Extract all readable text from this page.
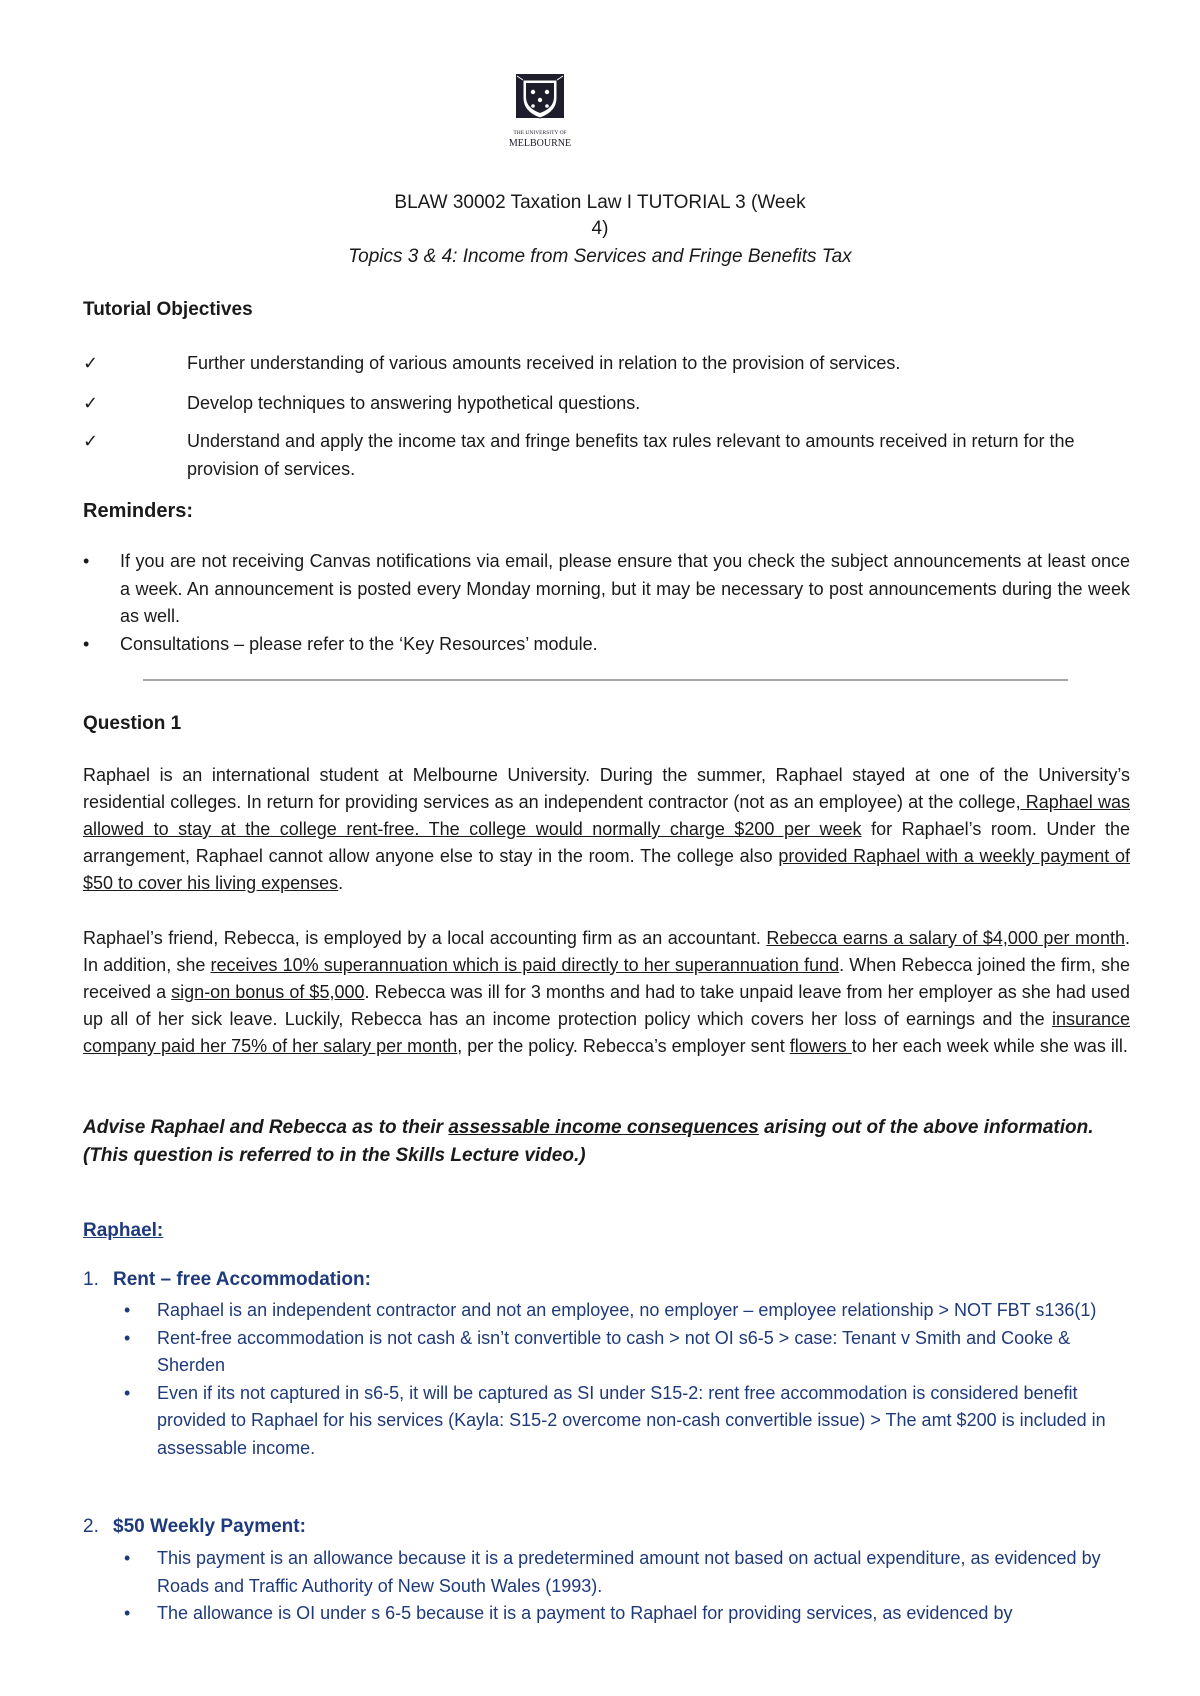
THE UNIVERSITY OF
MELBOURNE
BLAW 30002 Taxation Law I TUTORIAL 3 (Week
4)
Topics 3 & 4: Income from Services and Fringe Benefits Tax
Tutorial Objectives
✓	Further understanding of various amounts received in relation to the provision of services.
✓	Develop techniques to answering hypothetical questions.
✓	Understand and apply the income tax and fringe benefits tax rules relevant to amounts received in return for the provision of services.
Reminders:
• If you are not receiving Canvas notifications via email, please ensure that you check the subject announcements at least once a week. An announcement is posted every Monday morning, but it may be necessary to post announcements during the week as well.
• Consultations – please refer to the ‘Key Resources’ module.
Question 1
Raphael is an international student at Melbourne University. During the summer, Raphael stayed at one of the University’s residential colleges. In return for providing services as an independent contractor (not as an employee) at the college, Raphael was allowed to stay at the college rent-free. The college would normally charge $200 per week for Raphael’s room. Under the arrangement, Raphael cannot allow anyone else to stay in the room. The college also provided Raphael with a weekly payment of $50 to cover his living expenses.
Raphael’s friend, Rebecca, is employed by a local accounting firm as an accountant. Rebecca earns a salary of $4,000 per month. In addition, she receives 10% superannuation which is paid directly to her superannuation fund. When Rebecca joined the firm, she received a sign-on bonus of $5,000. Rebecca was ill for 3 months and had to take unpaid leave from her employer as she had used up all of her sick leave. Luckily, Rebecca has an income protection policy which covers her loss of earnings and the insurance company paid her 75% of her salary per month, per the policy. Rebecca’s employer sent flowers to her each week while she was ill.
Advise Raphael and Rebecca as to their assessable income consequences arising out of the above information.
(This question is referred to in the Skills Lecture video.)
Raphael:
1. Rent – free Accommodation:
• Raphael is an independent contractor and not an employee, no employer – employee relationship > NOT FBT s136(1)
• Rent-free accommodation is not cash & isn’t convertible to cash > not OI s6-5 > case: Tenant v Smith and Cooke & Sherden
• Even if its not captured in s6-5, it will be captured as SI under S15-2: rent free accommodation is considered benefit provided to Raphael for his services (Kayla: S15-2 overcome non-cash convertible issue) > The amt $200 is included in assessable income.
2. $50 Weekly Payment:
• This payment is an allowance because it is a predetermined amount not based on actual expenditure, as evidenced by Roads and Traffic Authority of New South Wales (1993).
• The allowance is OI under s 6-5 because it is a payment to Raphael for providing services, as evidenced by
